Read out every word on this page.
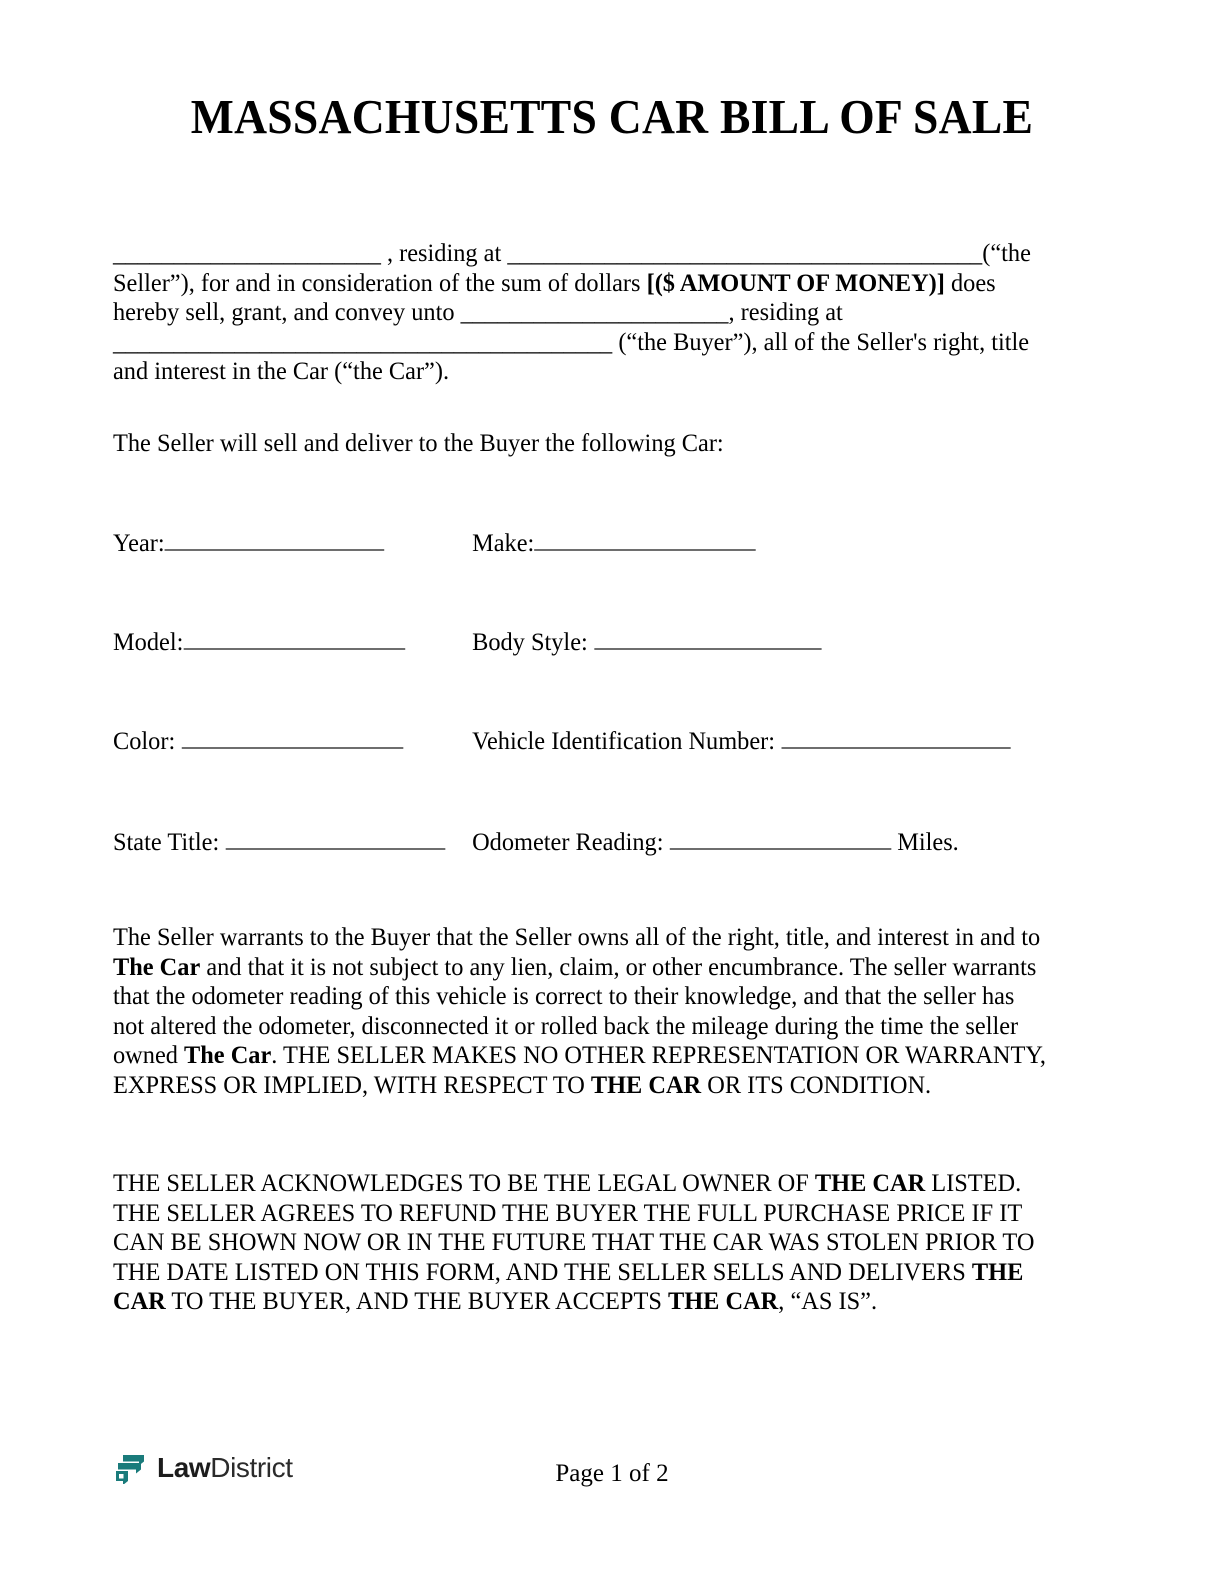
MASSACHUSETTS CAR BILL OF SALE
______________________ , residing at _______________________________________(“the Seller”), for and in consideration of the sum of dollars [($ AMOUNT OF MONEY)] does hereby sell, grant, and convey unto ______________________, residing at _________________________________________ (“the Buyer”), all of the Seller's right, title and interest in the Car (“the Car”).
The Seller will sell and deliver to the Buyer the following Car:
Year:	Make:
Model:	Body Style:
Color:	Vehicle Identification Number:
State Title:	Odometer Reading:	Miles.
The Seller warrants to the Buyer that the Seller owns all of the right, title, and interest in and to The Car and that it is not subject to any lien, claim, or other encumbrance. The seller warrants that the odometer reading of this vehicle is correct to their knowledge, and that the seller has not altered the odometer, disconnected it or rolled back the mileage during the time the seller owned The Car. THE SELLER MAKES NO OTHER REPRESENTATION OR WARRANTY, EXPRESS OR IMPLIED, WITH RESPECT TO THE CAR OR ITS CONDITION.
THE SELLER ACKNOWLEDGES TO BE THE LEGAL OWNER OF THE CAR LISTED. THE SELLER AGREES TO REFUND THE BUYER THE FULL PURCHASE PRICE IF IT CAN BE SHOWN NOW OR IN THE FUTURE THAT THE CAR WAS STOLEN PRIOR TO THE DATE LISTED ON THIS FORM, AND THE SELLER SELLS AND DELIVERS THE CAR TO THE BUYER, AND THE BUYER ACCEPTS THE CAR, “AS IS”.
LawDistrict	Page 1 of 2
